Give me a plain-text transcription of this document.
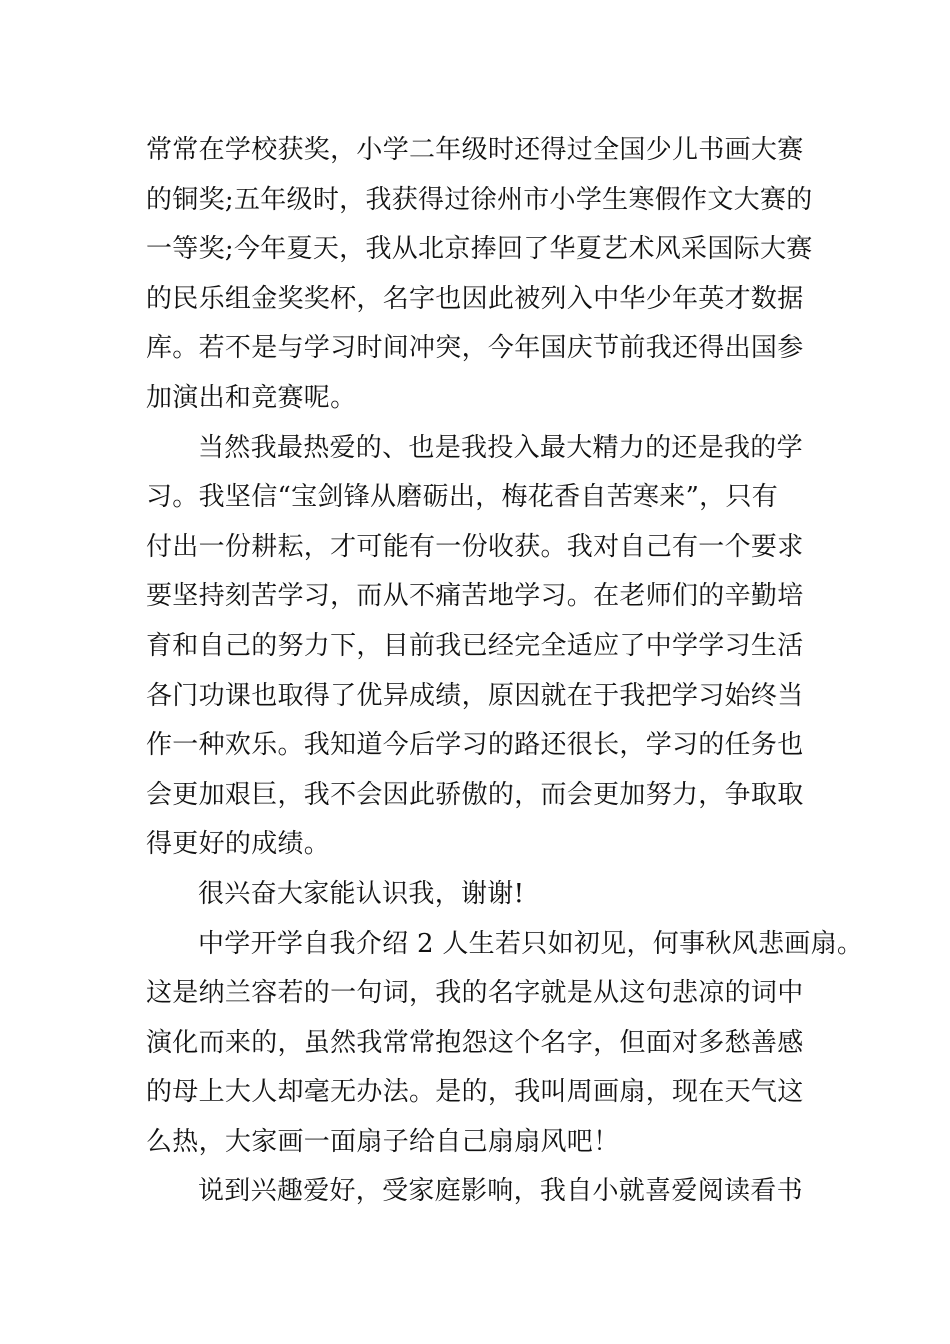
常常在学校获奖，小学二年级时还得过全国少儿书画大赛
的铜奖;五年级时，我获得过徐州市小学生寒假作文大赛的
一等奖;今年夏天，我从北京捧回了华夏艺术风采国际大赛
的民乐组金奖奖杯，名字也因此被列入中华少年英才数据
库。若不是与学习时间冲突，今年国庆节前我还得出国参
加演出和竞赛呢。
当然我最热爱的、也是我投入最大精力的还是我的学
习。我坚信“宝剑锋从磨砺出，梅花香自苦寒来”，只有
付出一份耕耘，才可能有一份收获。我对自己有一个要求
要坚持刻苦学习，而从不痛苦地学习。在老师们的辛勤培
育和自己的努力下，目前我已经完全适应了中学学习生活
各门功课也取得了优异成绩，原因就在于我把学习始终当
作一种欢乐。我知道今后学习的路还很长，学习的任务也
会更加艰巨，我不会因此骄傲的，而会更加努力，争取取
得更好的成绩。
很兴奋大家能认识我，谢谢!
中学开学自我介绍 2 人生若只如初见，何事秋风悲画扇。
这是纳兰容若的一句词，我的名字就是从这句悲凉的词中
演化而来的，虽然我常常抱怨这个名字，但面对多愁善感
的母上大人却毫无办法。是的，我叫周画扇，现在天气这
么热，大家画一面扇子给自己扇扇风吧！
说到兴趣爱好，受家庭影响，我自小就喜爱阅读看书
